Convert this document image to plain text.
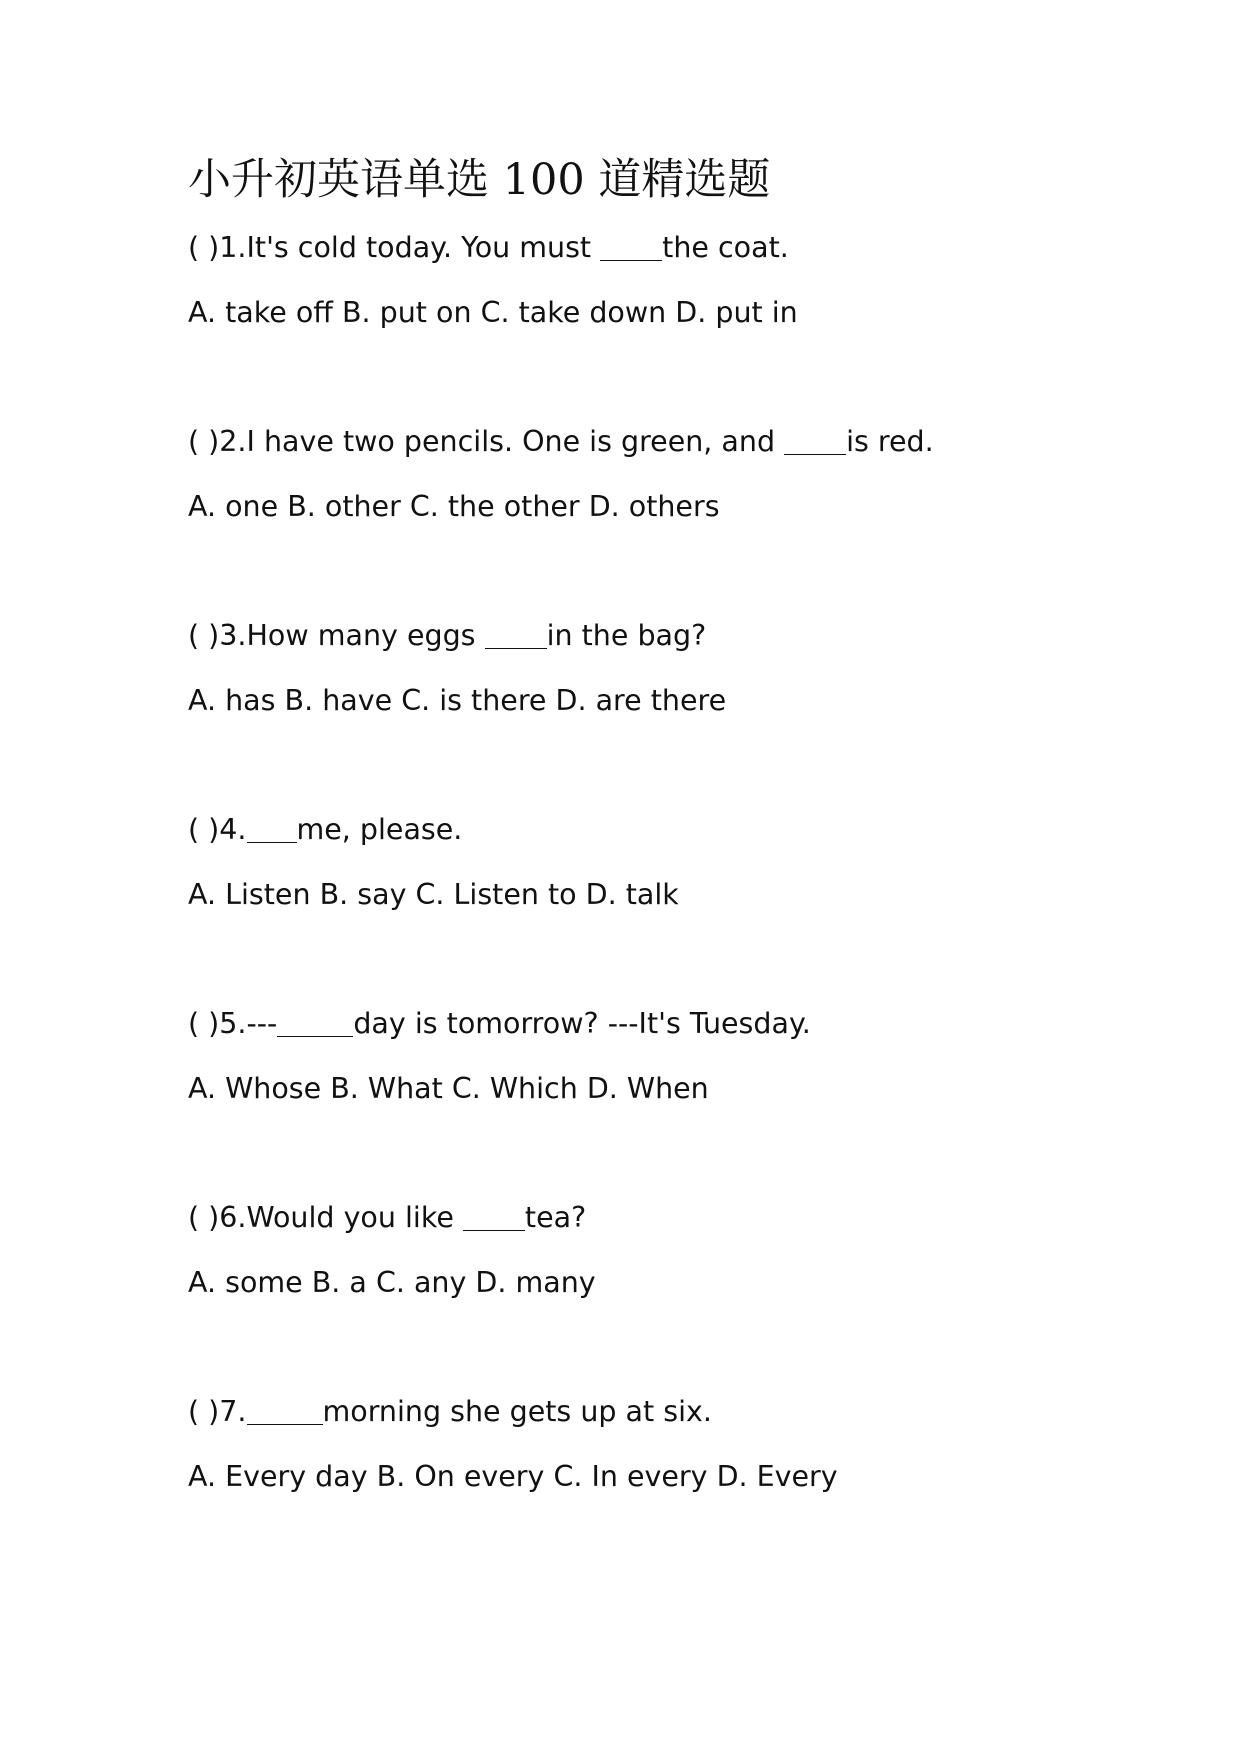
小升初英语单选 100 道精选题

( )1.It's cold today. You must the coat.

A. take off B. put on C. take down D. put in

( )2.I have two pencils. One is green, and is red.

A. one B. other C. the other D. others

( )3.How many eggs in the bag?

A. has B. have C. is there D. are there

( )4. me, please.

A. Listen B. say C. Listen to D. talk

( )5.---	day is tomorrow? ---It's Tuesday.

A. Whose B. What C. Which D. When

( )6.Would you like tea?

A. some B. a C. any D. many

( )7.	morning she gets up at six.

A. Every day B. On every C. In every D. Every
